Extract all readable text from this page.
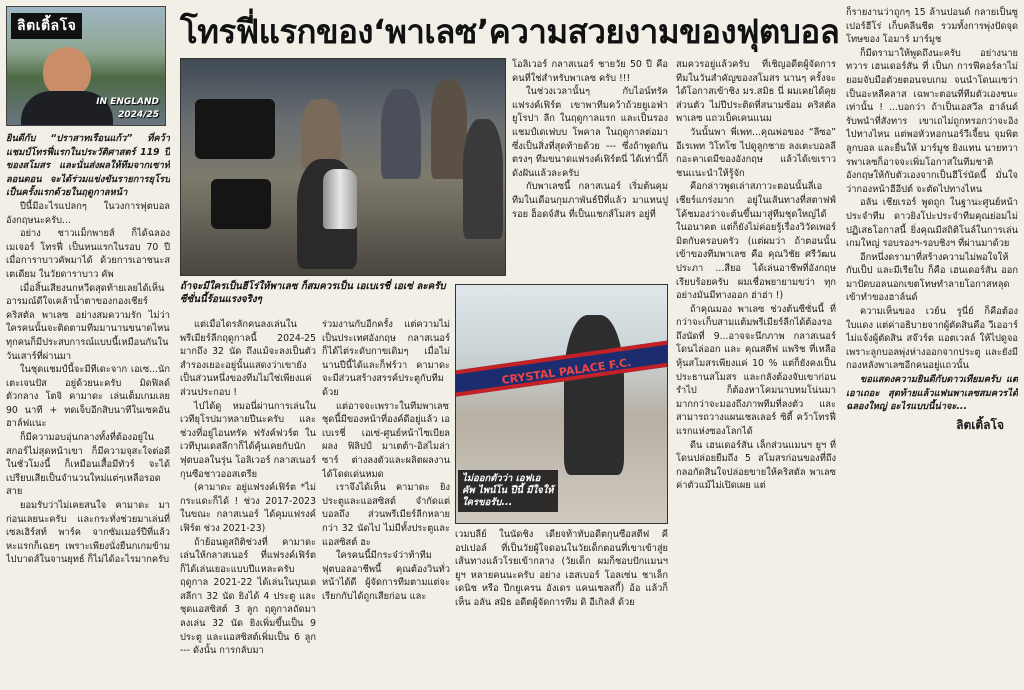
ลิตเติ้ลโจ
IN ENGLAND
2024/25
โทรฟี่แรกของ‘พาเลซ’ความสวยงามของฟุตบอล
ถ้าจะมีใครเป็นฮีโร่ให้พาเลซ ก็สมควรเป็น เอเบเรชี่ เอเซ่ ละครับ ซีซั่นนี้ร้อนแรงจริงๆ
CRYSTAL PALACE F.C.
ไม่ออกตัวว่า เอฟเอ คัพ ไพน์โน ปีนี้ มีใจให้ใครขอรับ...

ยินดีกับ “ปราสาทเรือนแก้ว” ที่คว้าแชมป์โทรฟี่แรกในประวัติศาสตร์ 119 ปี ของสโมสร และนั่นส่งผลให้ทีมจากเซาท์ลอนดอน จะได้ร่วมแข่งขันรายการยุโรปเป็นครั้งแรกด้วยในฤดูกาลหน้า

ปีนี้มีอะไรแปลกๆ ในวงการฟุตบอลอังกฤษนะครับ...

อย่าง ชาวแม็กพายส์ ก็ได้ฉลองเมเจอร์ โทรฟี่ เป็นหนแรกในรอบ 70 ปี เมื่อการาบาวคัพมาได้ ด้วยการเอาชนะสเตเดียม ในวัยดาราบาว คัพ

เมื่อสิ้นเสียงนกหวีดสุดท้ายเลยได้เห็นอารมณ์ดีใจเคล้าน้ำตาของกองเชียร์คริสตัล พาเลซ อย่างสมความรัก ไม่ว่าใครคนนั้นจะติดตามทีมมานานขนาดไหน ทุกคนก็มีประสบการณ์แบบนี้เหมือนกันในวันเสาร์ที่ผ่านมา

ในชุดแชมป์นี้จะมีทีเดะจาก เอเซ...นักเตะเจนปัส อยู่ด้วยนะครับ มิดฟิลด์ตัวกลาง โตจิ คามาดะ เล่นเต็มเกมเลย 90 นาที + ทดเจ็บอีกสิบนาทีในเซคอันฮาล์ฟแนะ

ก็มีความอบอุ่นกลางทั้งที่ต้องอยู่ในสกอร์ไม่สุดหน้าเขา ก็มีความจุสะใจต่อดีในชั่วโมงนี้ ก็เหมือนเสื้อมีทัวร์ จะได้เปรียบเสียเป็นจำนวนใหม่แต่ๆเหลือรอดสาย

ยอมรับว่าไม่เคยสนใจ คามาดะ มาก่อนเลยนะครับ และกระทั่งช่วยมาเล่นที่เซลเฮิร์สท์ พาร์ค จากซัมเมอร์ปีที่แล้ว หะแรกก็เฉยๆ เพราะเพียงนั่งยืนกเกมข้ามไปบาดส์ในจานยุทธ์ ก็ไม่ได้อะไรมากครับ

แต่เมื่อไดรลักคนลงเล่นในพรีเมียร์ลีกฤดูกาลนี้ 2024-25 มากถึง 32 นัด ถึงแม้จะลงเป็นตัวสำรองเยอะอยู่นั้นแสดงว่าเขายังเป็นส่วนหนึ่งของทีมไม่ใช่เพียงแค่ ส่วนประกอบ !

ไปได้ดู หมอนี่ผ่านการเล่นในเวทียุโรปมาหลายปีนะครับ และช่วงที่อยู่ไอนทรัค ฟรังค์ฟวร์ต ในเวทีบุนเดสลีกาก็ได้คุ้นเคยกับนักฟุตบอลในรุ่น โอลิเวอร์ กลาสเนอร์ กุนซือชาวออสเตรีย

(คามาดะ อยู่แฟรงค์เฟิร์ต *ไม่กระแดะก็ได้ ! ช่วง 2017-2023 ในขณะ กลาสเนอร์ ได้คุมแฟรงค์เฟิร์ต ช่วง 2021-23)

ถ้าย้อนดูสถิติช่วงที่ คามาดะ เล่นให้กลาสเนอร์ ที่แฟรงค์เฟิร์ต ก็ได้เล่นเยอะแบบปีแหละครับ ฤดูกาล 2021-22 ได้เล่นในบุนเดสลีกา 32 นัด ยิงได้ 4 ประตู และชุดแอสซิสต์ 3 ลูก ฤดูกาลถัดมา ลงเล่น 32 นัด ยิงเพิ่มขึ้นเป็น 9 ประตู และแอสซิสต์เพิ่มเป็น 6 ลูก --- ดังนั้น การกลับมา

ร่วมงานกับอีกครั้ง แต่ความไม่เป็นประเทศอังกฤษ กลาสเนอร์ ก็ได้ไต่ระดับกาขเดิมๆ เมื่อไม่นานปีนี้ได้และก็ฟร์วา คามาดะ จะมีส่วนสร้างสรรค์ประตูกับทีมด้วย

แต่อาจจะเพราะในทีมพาเลซชุดนี้มีของหน้าที่องค์ดีอยู่แล้ว เอเบเรชี่ เอเซ่-ศูนย์หน้าไซเบียลผลง ฟิลิปป์ มาเตต้า-อิสไมล่า ซาร์ ต่างลงตัวและผลิตผลงานได้โดดเด่นหมด

เราจึงได้เห็น คามาดะ ยิงประตูและแอสซิสต์ จำกัดแต่บอลถึง ส่วนพรีเมียร์ลีกหลายกว่า 32 นัดไป ไม่มีทั้งประตูและแอสซิสต์ ฮะ

ใครคนนี้มีกระจ๋ว่าท้าทีมฟุตบอลอาชีพนี้ คุณต้องวินทั่วหน้าได้ดี ผู้จัดการทีมตามแต่จะเรียกกับได้ถูกเสียก่อน และ

โอลิเวอร์ กลาสเนอร์ ชายวัย 50 ปี คือคนที่ใช่สำหรับพาเลซ ครับ !!!

ในช่วงเวลานั้นๆ กับไอน์ทรัค แฟรงค์เฟิร์ต เขาพาทีมคว้าถ้วยยูเอฟ่ายูโรปา ลีก ในฤดูกาลแรก และเป็นรองแชมป์เดเฟบบ โพคาล ในฤดูกาลต่อมาซึ่งเป็นสิ่งที่สุดท้ายด้วย --- ซึ่งถ้าพูดกันตรงๆ ทีมขนาดแฟรงค์เฟิร์ตนี่ ได้เท่านี้ก็ดังฝันแล้วละครับ

กับพาเลซนี้ กลาสเนอร์ เริ่มต้นคุมทีมในเดือนกุมภาพันธ์ปีที่แล้ว มาแทนปูรอย ฮ็อดจ์สัน ที่เป็นแชกส์โมสร อยู่ที่

เวมบลีย์ ในนัดชิง เดียจท้าทับอดีตกุนซือสตีฟ คีอปเปอล์ ที่เป็นวัยผู้ใจดอนในวัยเด็กตอนที่เขาเข้าสู่ยเส้นทางแล้วโรยเข้ากลาง (วัยเด็ก ผมก็ชอบปักแมนฯ ยูฯ หลายคนนะครับ อย่าง เฮสเบอร์ โอลเซ่น ชาเล็กเดนิช หรือ ปีกยูเครน อังเดร แคนเชลสกี้) อ้อ แล้วก็เห็น อลัน สมิธ อดีตผู้จัดการทีม ดิ อีเกิลส์ ด้วย

สมควรอยู่แล้วครับ ที่เชิญอดีตผู้จัดการทีมในวันสำคัญของสโมสร นานๆ ครั้งจะได้โอกาสเข้าชิง มร.สมิธ นี่ ผมเคยได้คุยส่วนตัว ไม่ปีประติดที่สนามซ้อม คริสตัล พาเลซ แถวเบ็คเคนแนม

วันนั้นพา พี่เพท...คุณพ่อของ “ลีซอ” อีเรเพท วิโทโซ ไปดูลูกชาย ลงเตะบอลลีกอะคาเดมีของอังกฤษ แล้วได้เขเราวชนเเนะนำให้รู้จัก

คือกล่าวพูดเล่าสภาวะตอนนั้นลี่เอเชียร์แกร่งมาก อยู่ในเส้นทางที่สตาฟฟ์โค้ชมองว่าจะต้นขึ้นมาสู่ทีมชุดใหญ่ได้ในอนาคต แต่ก็ยังไม่ค่อยรู้เรื่องวิวัดเพอร์มิตกับครอบครัว (แต่ผมว่า ถ้าตอนนั้นเข้าของทีมพาเลซ คือ คุณวิชัย ศรีวัฒนประภา ...สียอ ได้เล่นอาชีพที่อังกฤษเรียบร้อยครับ ผมเชื่อพยายามขว่า ทุกอย่างมันมีทางออก ฮ่าฮ่า !)

ถ้าคุณมอง พาเลซ ช่วงต้นซีซั่นนี้ ที่กว่าจะเก็บสามแต้มพรีเมียร์ลีกได้ต้องรอถึงนัดที่ 9...อาจจะนึกภาพ กลาสเนอร์ โดนไล่ออก และ คุณสตีฟ แพริช ที่เหลือหุ้นสโมสรเพียงแค่ 10 % แต่ก็ยังคงเป็นประธานสโมสร และกลังต้องจับเขาก่อนรำไป ก็ต้องหาโคมนาบทมโน่นมา มากกว่าจะมองถึงภาพทีมที่ลงตัว และสามารถวางแผนเชลเลอร์ ซิตี้ คว้าโทรฟี่แรกแห่งซองโลกได้

ดีน เฮนเดอร์สัน เล็กส่วนแมนฯ ยูฯ ที่โดนปล่อยยืมถึง 5 สโมสรก่อนของที่ถึงกลอกัดสินใจปล่อยขายให้คริสตัล พาเลซ ค่าตัวแม้ไม่เปิดเผย แต่

ก็รายงานว่าถูกๆ 15 ล้านปอนด์ กลายเป็นซูเปอร์ฮีโร่ เก็บคลีนชีต รวมทั้งการพุ่งปัดจุดโทษของ โอมาร์ มาร์มูช

ก็มีดรามาให้พูดถึงนะครับ อย่างนายทวาร เฮนเดอร์สัน ที่ เป็นก การฟีคอร์ลาไม่ยอมจับมือตัวยตอนจบเกม จนนำโดนเเซว่า เป็นอะหลีคลาส เฉพาะตอนที่ทีมตัวเองชนะ เท่านั้น ! ...บอกว่า ถ้าเป็นเอสวีล ฮาล์นด์ รับพนำที่สังทาร เขาเถไม่ถูกทรอกว่าจะอิงไปทางไหน แต่พอหัวหอกนอร์วีเจี้ยน จุมพิตลูกบอล และยื่นให้ มาร์มูช ยิงแทน นายทวารพาเลซก็อาจจะเพิ่มโอกาสในทีมชาติอังกฤษให้กับตัวเองจากเป็นฮีโร่นัดนี้ มั่นใจว่ากองหน้าฮีอีปต์ จะตัดไปทางไหน

อลัน เชียเรอร์ พูดถูก ในฐานะศูนย์หน้าประจำทีม ดาวยิงโปะประจำทีมคุณย่อมไม่ปฏิเสธโอกาสนี้ ยิ่งคุณมีสถิติโนล์ในการเล่นเกมใหญ่ รอบรองฯ-รอบชิงฯ ที่ผ่านมาด้วย

อีกหนึ่งดรามาที่สร้างความไม่พอใจให้กับเป็ป และมีเรียใบ ก็คือ เฮนเดอร์สัน ออกมาปัดบอลนอกเขตโทษทำลายโอกาสหลุดเข้าทำของฮาล์นด์

ความเห็นของ เวย์น รูนี่ย์ ก็คือต้องใบแดง แต่ค่าอธิบายจากผู้ตัดสินคือ วีเออาร์ไม่แจ้งผู้ตัดสิน สจ๊วร์ต แอตเวลล์ ให้ไปดูจอ เพราะลูกบอลพุ่งห่างออกจากประตู และยังมีกองหลังพาเลซอีกคนอยู่แถวนั้น

ขอแสดงความยินดีกับดาวเทียมครับ แต่เอาเถอะ สุดท้ายแล้วแฟนพาเลซสมควรได้ฉลองใหญ่ อะไรแบบนี้น่าจะ...

ลิตเติ้ลโจ
